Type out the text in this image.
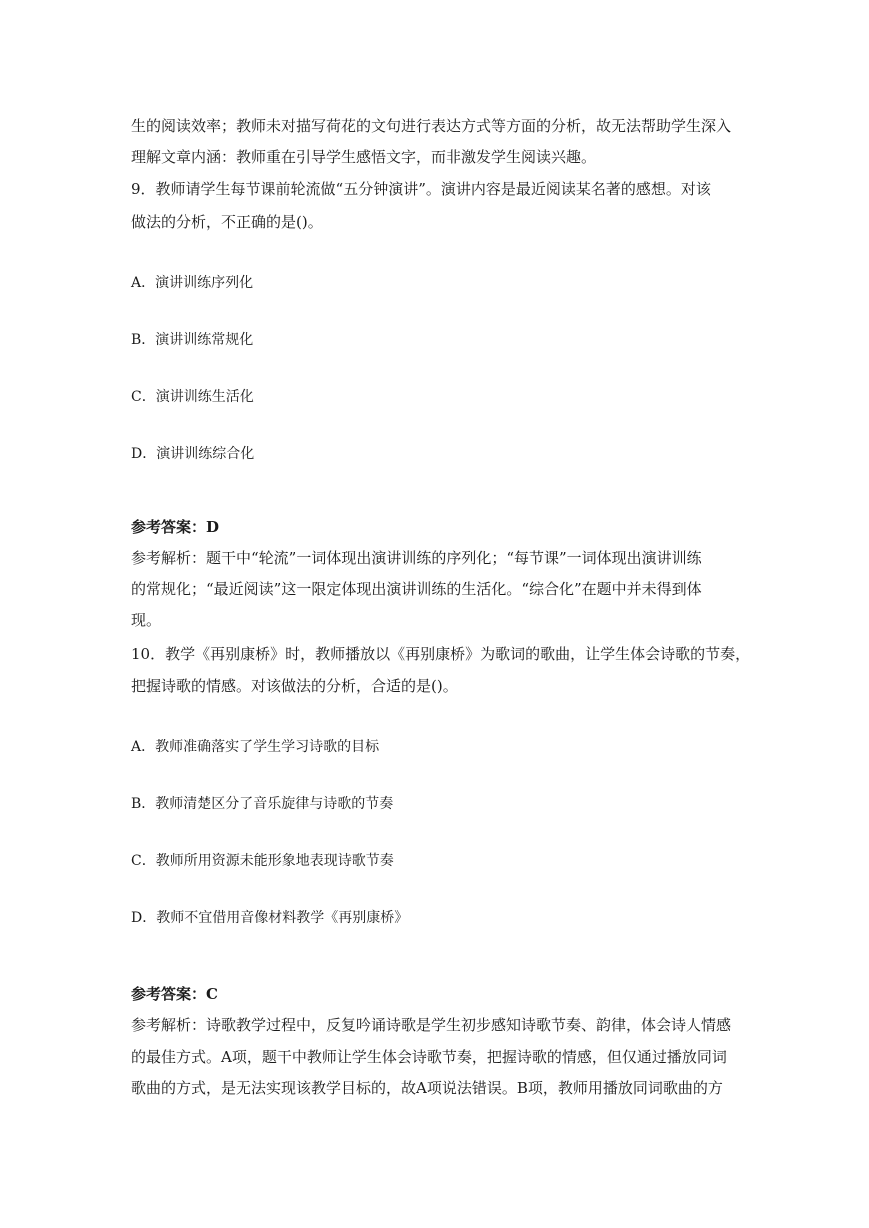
生的阅读效率；教师未对描写荷花的文句进行表达方式等方面的分析，故无法帮助学生深入
理解文章内涵：教师重在引导学生感悟文字，而非激发学生阅读兴趣。
9．教师请学生每节课前轮流做“五分钟演讲”。演讲内容是最近阅读某名著的感想。对该
做法的分析，不正确的是()。
A．演讲训练序列化
B．演讲训练常规化
C．演讲训练生活化
D．演讲训练综合化
参考答案：D
参考解析：题干中“轮流”一词体现出演讲训练的序列化；“每节课”一词体现出演讲训练
的常规化；“最近阅读”这一限定体现出演讲训练的生活化。“综合化”在题中并未得到体
现。
10．教学《再别康桥》时，教师播放以《再别康桥》为歌词的歌曲，让学生体会诗歌的节奏，
把握诗歌的情感。对该做法的分析，合适的是()。
A．教师准确落实了学生学习诗歌的目标
B．教师清楚区分了音乐旋律与诗歌的节奏
C．教师所用资源未能形象地表现诗歌节奏
D．教师不宜借用音像材料教学《再别康桥》
参考答案：C
参考解析：诗歌教学过程中，反复吟诵诗歌是学生初步感知诗歌节奏、韵律，体会诗人情感
的最佳方式。A项，题干中教师让学生体会诗歌节奏，把握诗歌的情感，但仅通过播放同词
歌曲的方式，是无法实现该教学目标的，故A项说法错误。B项，教师用播放同词歌曲的方
